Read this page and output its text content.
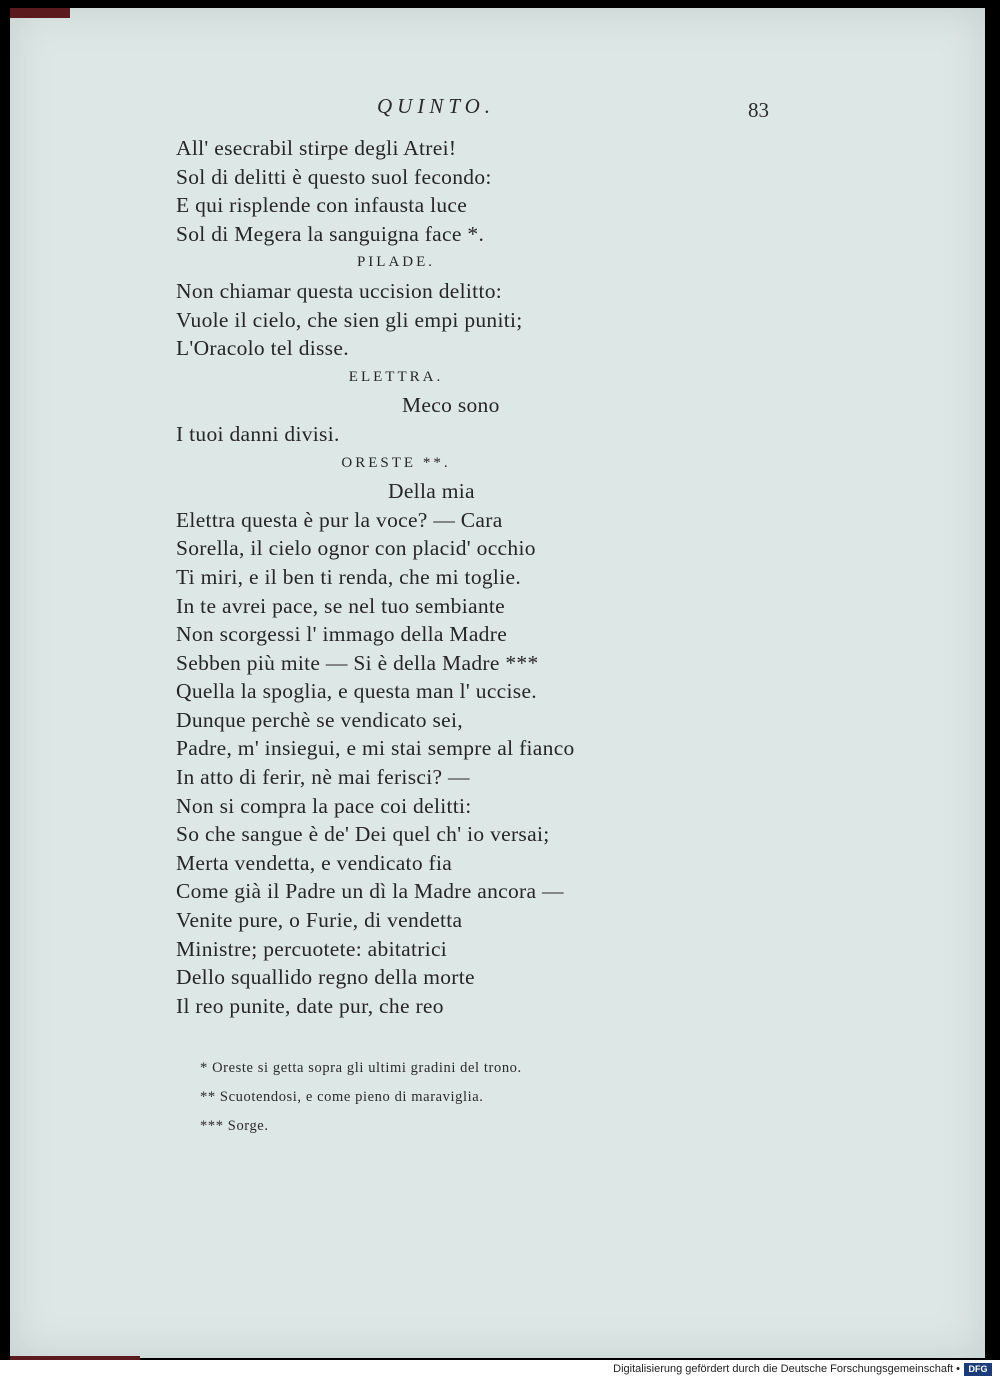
QUINTO.	83
All' esecrabil stirpe degli Atrei!
Sol di delitti è questo suol fecondo:
E qui risplende con infausta luce
Sol di Megera la sanguigna face *.
PILADE.
Non chiamar questa uccision delitto:
Vuole il cielo, che sien gli empi puniti;
L'Oracolo tel disse.
ELETTRA.
Meco sono
I tuoi danni divisi.
ORESTE **.
Della mia
Elettra questa è pur la voce? — Cara
Sorella, il cielo ognor con placid' occhio
Ti miri, e il ben ti renda, che mi toglie.
In te avrei pace, se nel tuo sembiante
Non scorgessi l' immago della Madre
Sebben più mite — Si è della Madre ***
Quella la spoglia, e questa man l' uccise.
Dunque perchè se vendicato sei,
Padre, m' insiegui, e mi stai sempre al fianco
In atto di ferir, nè mai ferisci? —
Non si compra la pace coi delitti:
So che sangue è de' Dei quel ch' io versai;
Merta vendetta, e vendicato fia
Come già il Padre un dì la Madre ancora —
Venite pure, o Furie, di vendetta
Ministre; percuotete: abitatrici
Dello squallido regno della morte
Il reo punite, date pur, che reo
* Oreste si getta sopra gli ultimi gradini del trono.
** Scuotendosi, e come pieno di maraviglia.
*** Sorge.
Digitalisierung gefördert durch die Deutsche Forschungsgemeinschaft • DFG
